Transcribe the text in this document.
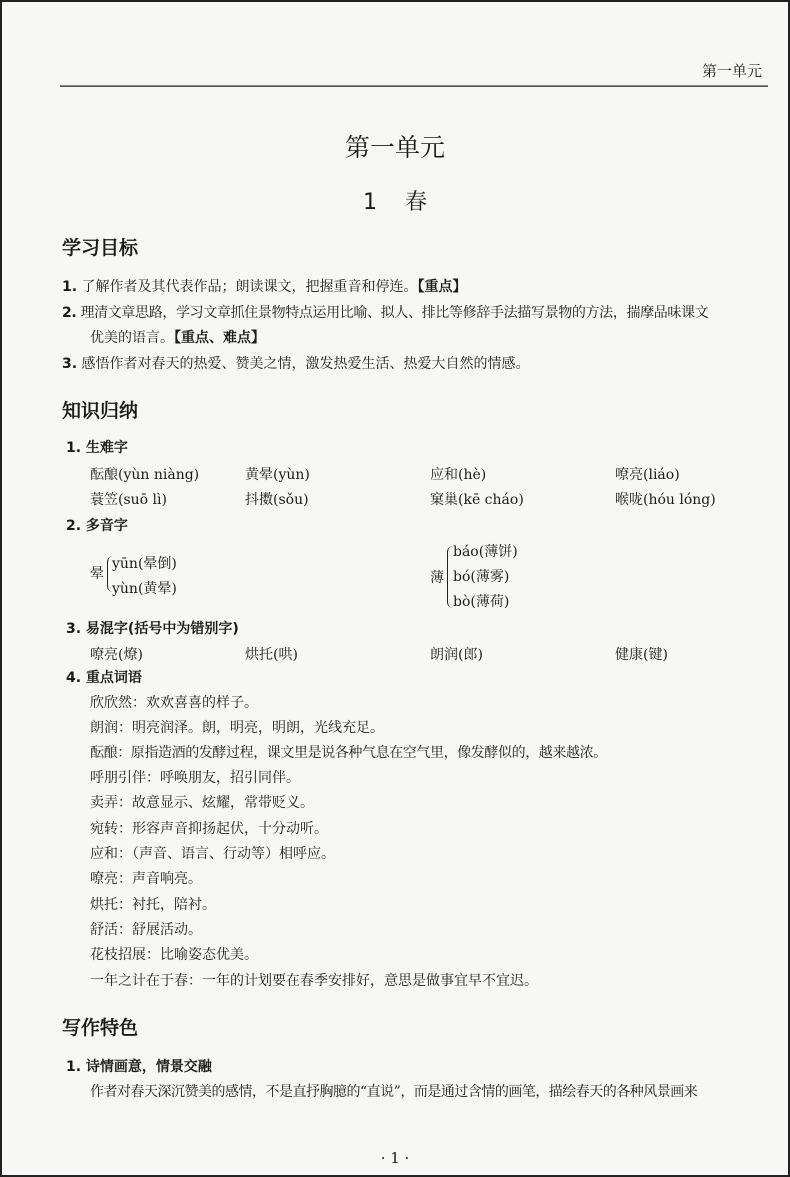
第一单元
第一单元
1 春
学习目标
1. 了解作者及其代表作品；朗读课文，把握重音和停连。【重点】
2. 理清文章思路，学习文章抓住景物特点运用比喻、拟人、排比等修辞手法描写景物的方法，揣摩品味课文
优美的语言。【重点、难点】
3. 感悟作者对春天的热爱、赞美之情，激发热爱生活、热爱大自然的情感。
知识归纳
1. 生难字
酝酿(yùn niàng)	黄晕(yùn)	应和(hè)	嘹亮(liáo)
蓑笠(suō lì)	抖擞(sǒu)	窠巢(kē cháo)	喉咙(hóu lóng)
2. 多音字
晕
yūn(晕倒)
yùn(黄晕)
薄
báo(薄饼)
bó(薄雾)
bò(薄荷)
3. 易混字(括号中为错别字)
嘹亮(燎)	烘托(哄)	朗润(郎)	健康(键)
4. 重点词语
欣欣然：欢欢喜喜的样子。
朗润：明亮润泽。朗，明亮，明朗，光线充足。
酝酿：原指造酒的发酵过程，课文里是说各种气息在空气里，像发酵似的，越来越浓。
呼朋引伴：呼唤朋友，招引同伴。
卖弄：故意显示、炫耀，常带贬义。
宛转：形容声音抑扬起伏，十分动听。
应和：（声音、语言、行动等）相呼应。
嘹亮：声音响亮。
烘托：衬托，陪衬。
舒活：舒展活动。
花枝招展：比喻姿态优美。
一年之计在于春：一年的计划要在春季安排好，意思是做事宜早不宜迟。
写作特色
1. 诗情画意，情景交融
作者对春天深沉赞美的感情，不是直抒胸臆的“直说”，而是通过含情的画笔，描绘春天的各种风景画来
· 1 ·
